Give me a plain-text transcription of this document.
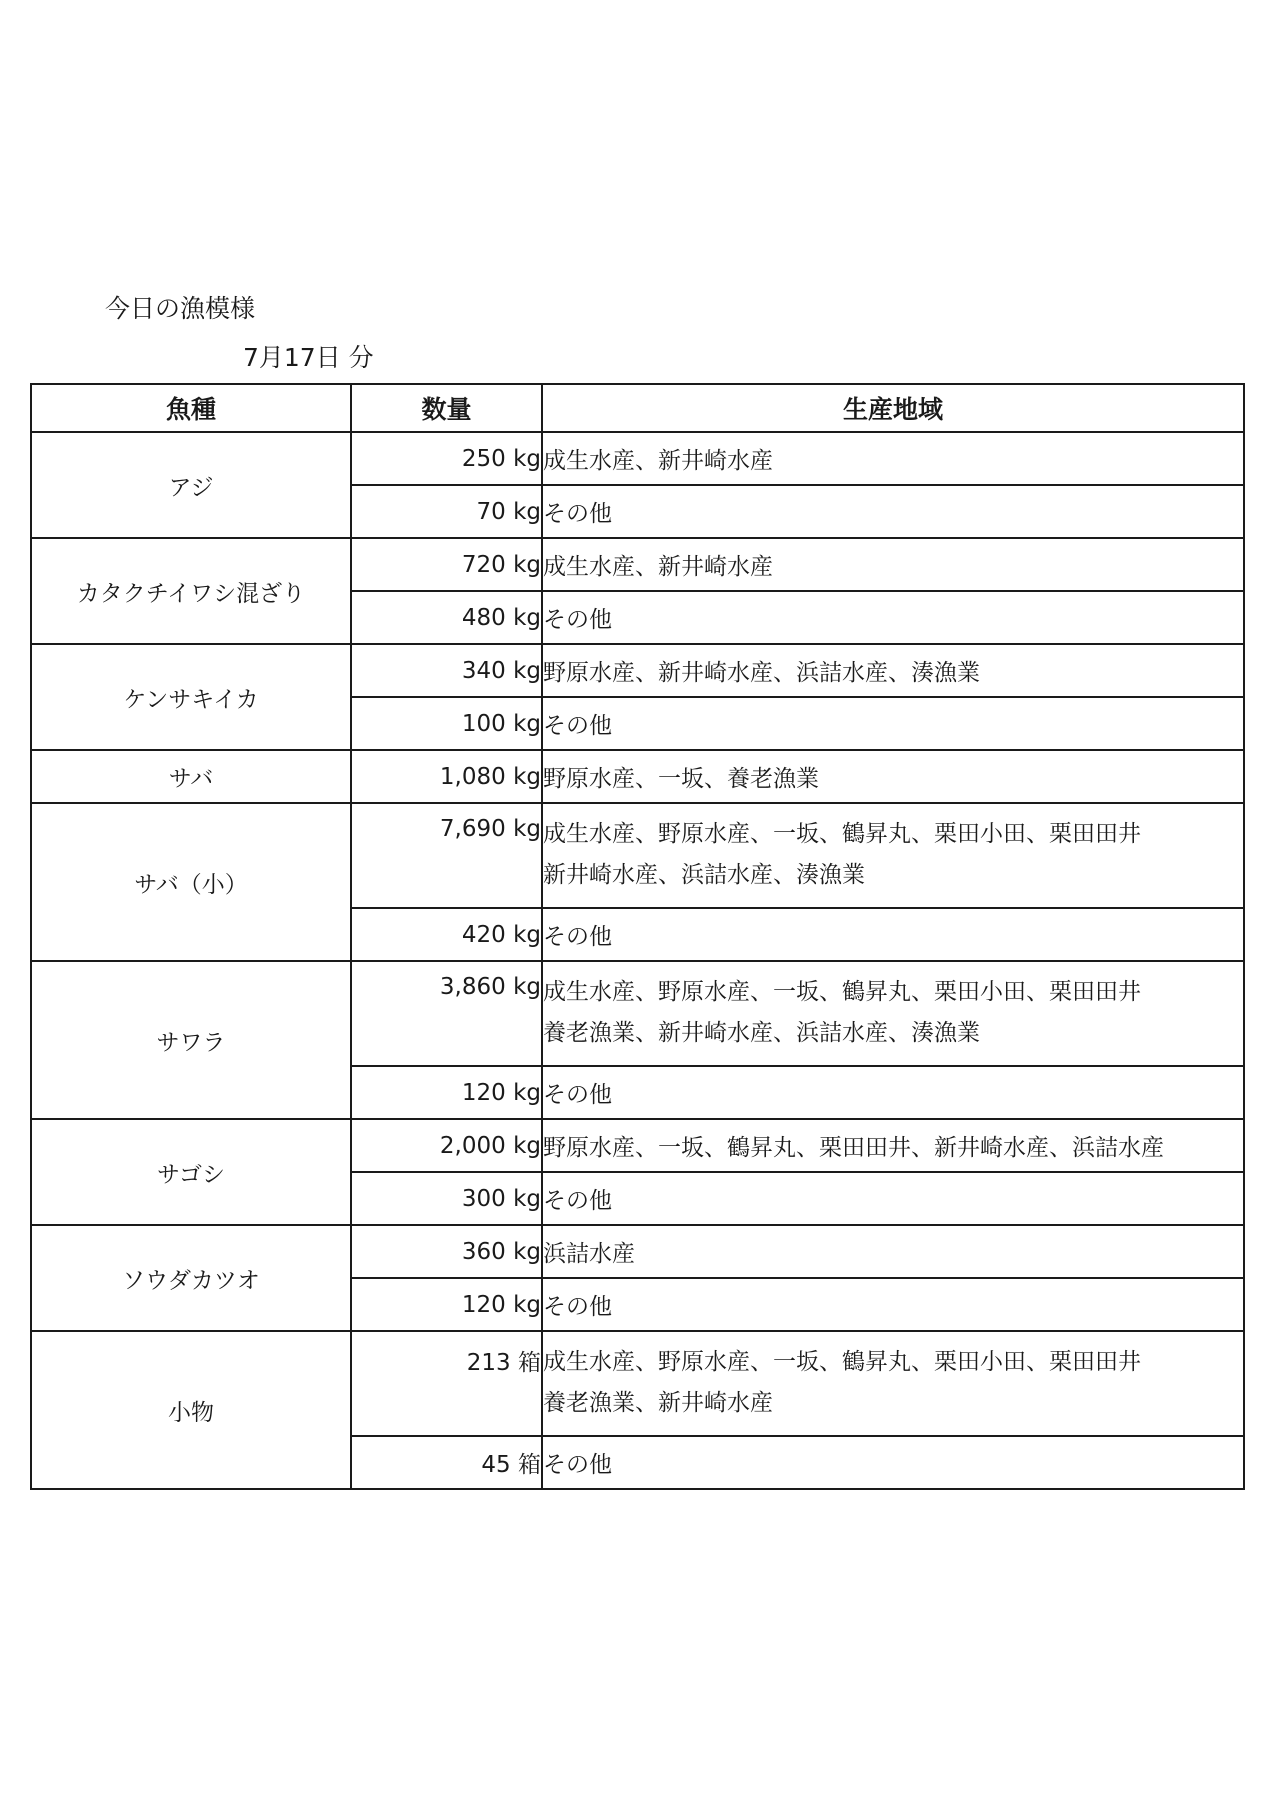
今日の漁模様
7月17日 分
魚種	数量	生産地域
アジ	250 kg	成生水産、新井崎水産
	70 kg	その他
カタクチイワシ混ざり	720 kg	成生水産、新井崎水産
	480 kg	その他
ケンサキイカ	340 kg	野原水産、新井崎水産、浜詰水産、湊漁業
	100 kg	その他
サバ	1,080 kg	野原水産、一坂、養老漁業
サバ（小）	7,690 kg	成生水産、野原水産、一坂、鶴昇丸、栗田小田、栗田田井
新井崎水産、浜詰水産、湊漁業

	420 kg	その他
サワラ	3,860 kg	成生水産、野原水産、一坂、鶴昇丸、栗田小田、栗田田井
養老漁業、新井崎水産、浜詰水産、湊漁業

	120 kg	その他
サゴシ	2,000 kg	野原水産、一坂、鶴昇丸、栗田田井、新井崎水産、浜詰水産
	300 kg	その他
ソウダカツオ	360 kg	浜詰水産
	120 kg	その他
小物	213 箱	成生水産、野原水産、一坂、鶴昇丸、栗田小田、栗田田井
養老漁業、新井崎水産

	45 箱	その他
